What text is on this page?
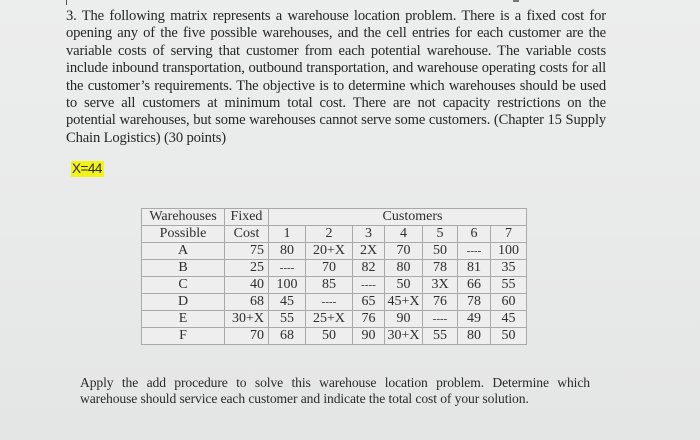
3. The following matrix represents a warehouse location problem. There is a fixed cost for opening any of the five possible warehouses, and the cell entries for each customer are the variable costs of serving that customer from each potential warehouse. The variable costs include inbound transportation, outbound transportation, and warehouse operating costs for all the customer’s requirements. The objective is to determine which warehouses should be used to serve all customers at minimum total cost. There are not capacity restrictions on the potential warehouses, but some warehouses cannot serve some customers. (Chapter 15 Supply Chain Logistics) (30 points)
X=44
Warehouses	Fixed	Customers						
Possible	Cost	1	2	3	4	5	6	7
A	75	80	20+X	2X	70	50	----	100
B	25	----	70	82	80	78	81	35
C	40	100	85	----	50	3X	66	55
D	68	45	----	65	45+X	76	78	60
E	30+X	55	25+X	76	90	----	49	45
F	70	68	50	90	30+X	55	80	50
Apply the add procedure to solve this warehouse location problem. Determine which warehouse should service each customer and indicate the total cost of your solution.
